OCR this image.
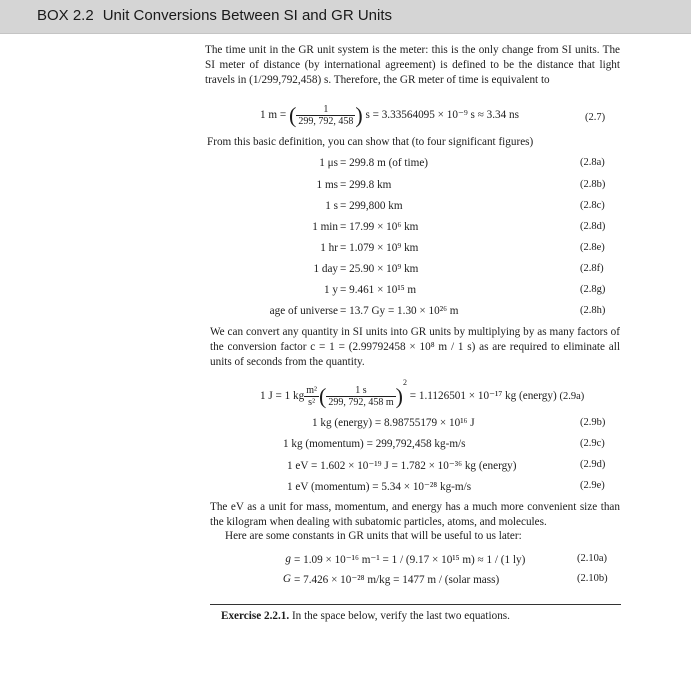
BOX 2.2 Unit Conversions Between SI and GR Units
The time unit in the GR unit system is the meter: this is the only change from SI units. The SI meter of distance (by international agreement) is defined to be the distance that light travels in (1/299,792,458) s. Therefore, the GR meter of time is equivalent to
1 m = ( $\frac{1}{299, 792, 458}$ ) s = 3.33564095 × 10⁻⁹ s ≈ 3.34 ns	(2.7)
From this basic definition, you can show that (to four significant figures)
1 μs = 299.8 m (of time)	(2.8a)
1 ms = 299.8 km	(2.8b)
1 s = 299,800 km	(2.8c)
1 min = 17.99 × 10⁶ km	(2.8d)
1 hr = 1.079 × 10⁹ km	(2.8e)
1 day = 25.90 × 10⁹ km	(2.8f)
1 y = 9.461 × 10¹⁵ m	(2.8g)
age of universe = 13.7 Gy = 1.30 × 10²⁶ m	(2.8h)
We can convert any quantity in SI units into GR units by multiplying by as many factors of the conversion factor c = 1 = (2.99792458 × 10⁸ m / 1 s) as are required to eliminate all units of seconds from the quantity.
1 J = 1 kg $\frac{\text{m²}}{\text{s²}}$ ( $\frac{1 s}{299, 792, 458 m} )^2 = 1.1126501 \times 10^{-17}$ kg (energy) (2.9a)
1 kg (energy) = 8.98755179 × 10¹⁶ J	(2.9b)
1 kg (momentum) = 299,792,458 kg-m/s	(2.9c)
1 eV = 1.602 × 10⁻¹⁹ J = 1.782 × 10⁻³⁶ kg (energy)	(2.9d)
1 eV (momentum) = 5.34 × 10⁻²⁸ kg-m/s	(2.9e)
The eV as a unit for mass, momentum, and energy has a much more convenient size than the kilogram when dealing with subatomic particles, atoms, and molecules.
Here are some constants in GR units that will be useful to us later:
g = 1.09 × 10⁻¹⁶ m⁻¹ = 1 / (9.17 × 10¹⁵ m) ≈ 1 / (1 ly)	(2.10a)
G = 7.426 × 10⁻²⁸ m/kg = 1477 m / (solar mass)	(2.10b)
Exercise 2.2.1. In the space below, verify the last two equations.
